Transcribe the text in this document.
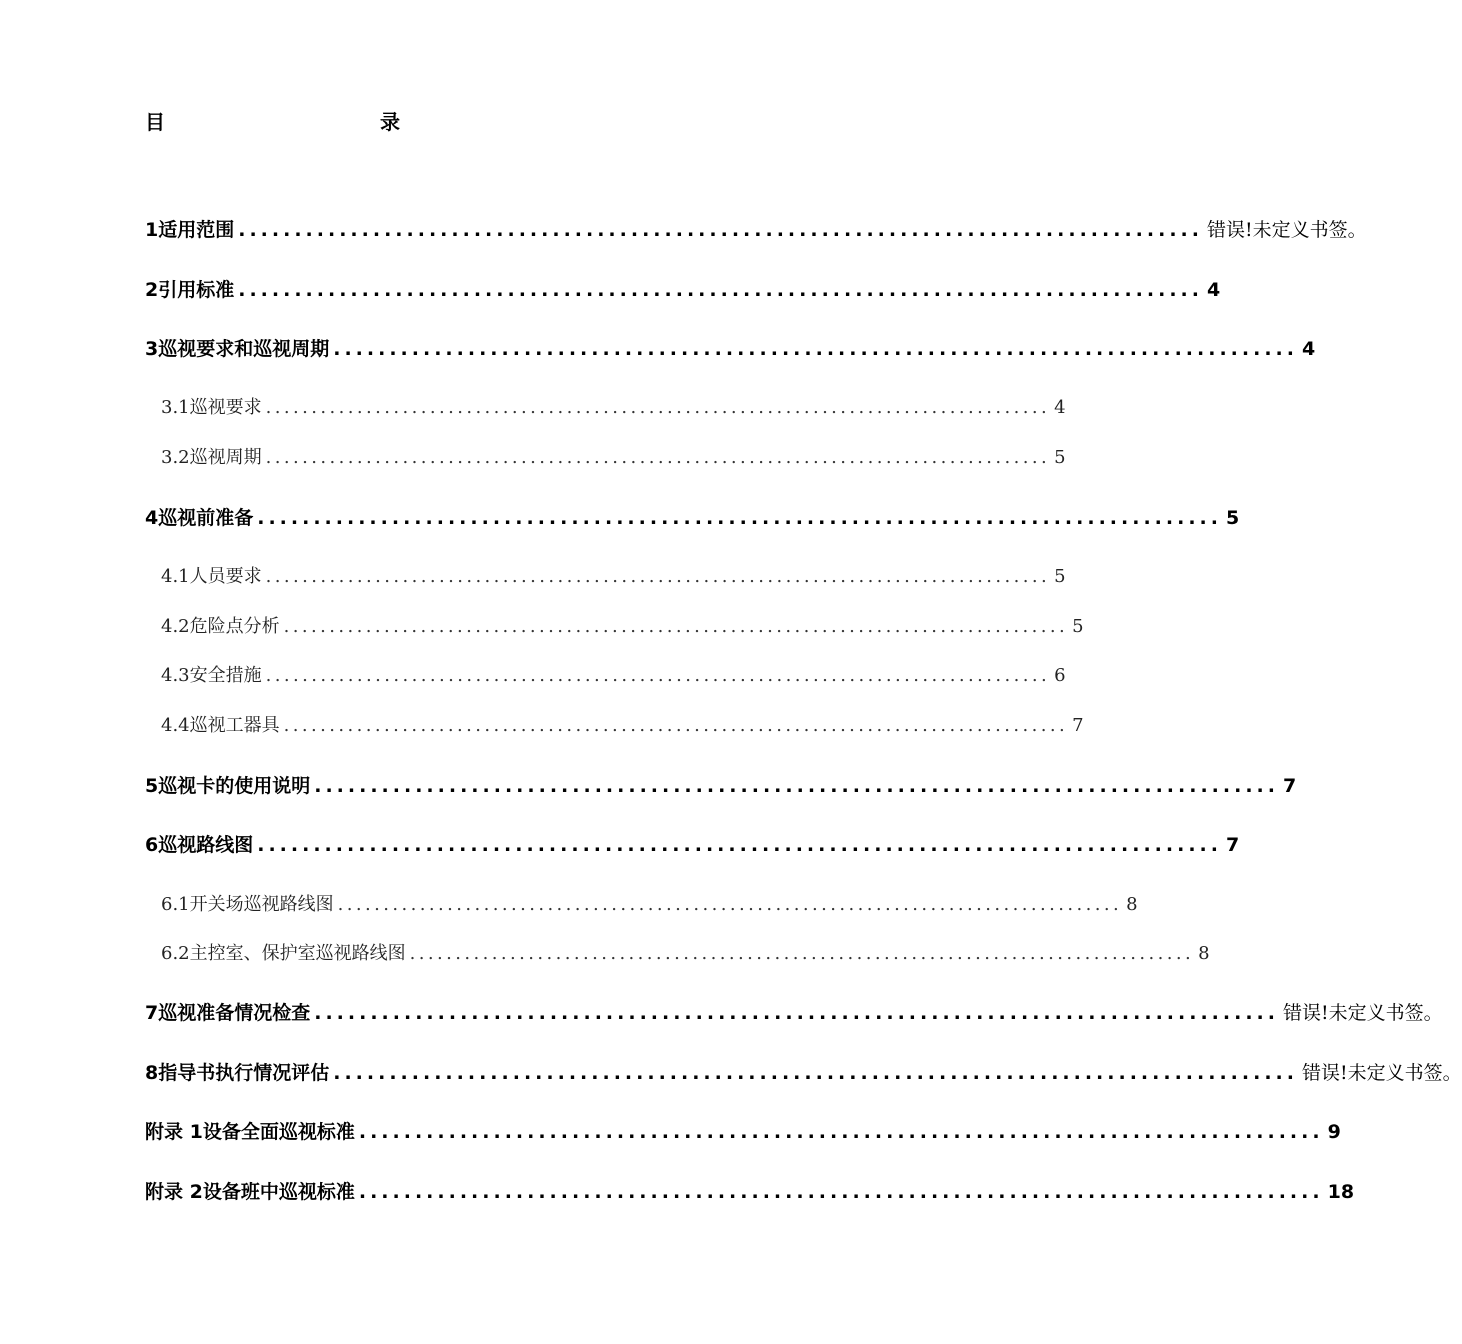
目	录
1 适用范围 ...................................................................................... 错误!未定义书签。
2 引用标准 ...................................................................................... 4
3 巡视要求和巡视周期 ...................................................................................... 4
3.1 巡视要求 ...................................................................................... 4
3.2 巡视周期 ...................................................................................... 5
4 巡视前准备 ...................................................................................... 5
4.1 人员要求 ...................................................................................... 5
4.2 危险点分析 ...................................................................................... 5
4.3 安全措施 ...................................................................................... 6
4.4 巡视工器具 ...................................................................................... 7
5 巡视卡的使用说明 ...................................................................................... 7
6 巡视路线图 ...................................................................................... 7
6.1 开关场巡视路线图 ...................................................................................... 8
6.2 主控室、保护室巡视路线图 ...................................................................................... 8
7 巡视准备情况检查 ...................................................................................... 错误!未定义书签。
8 指导书执行情况评估 ...................................................................................... 错误!未定义书签。
附录 1 设备全面巡视标准 ...................................................................................... 9
附录 2 设备班中巡视标准 ...................................................................................... 18
